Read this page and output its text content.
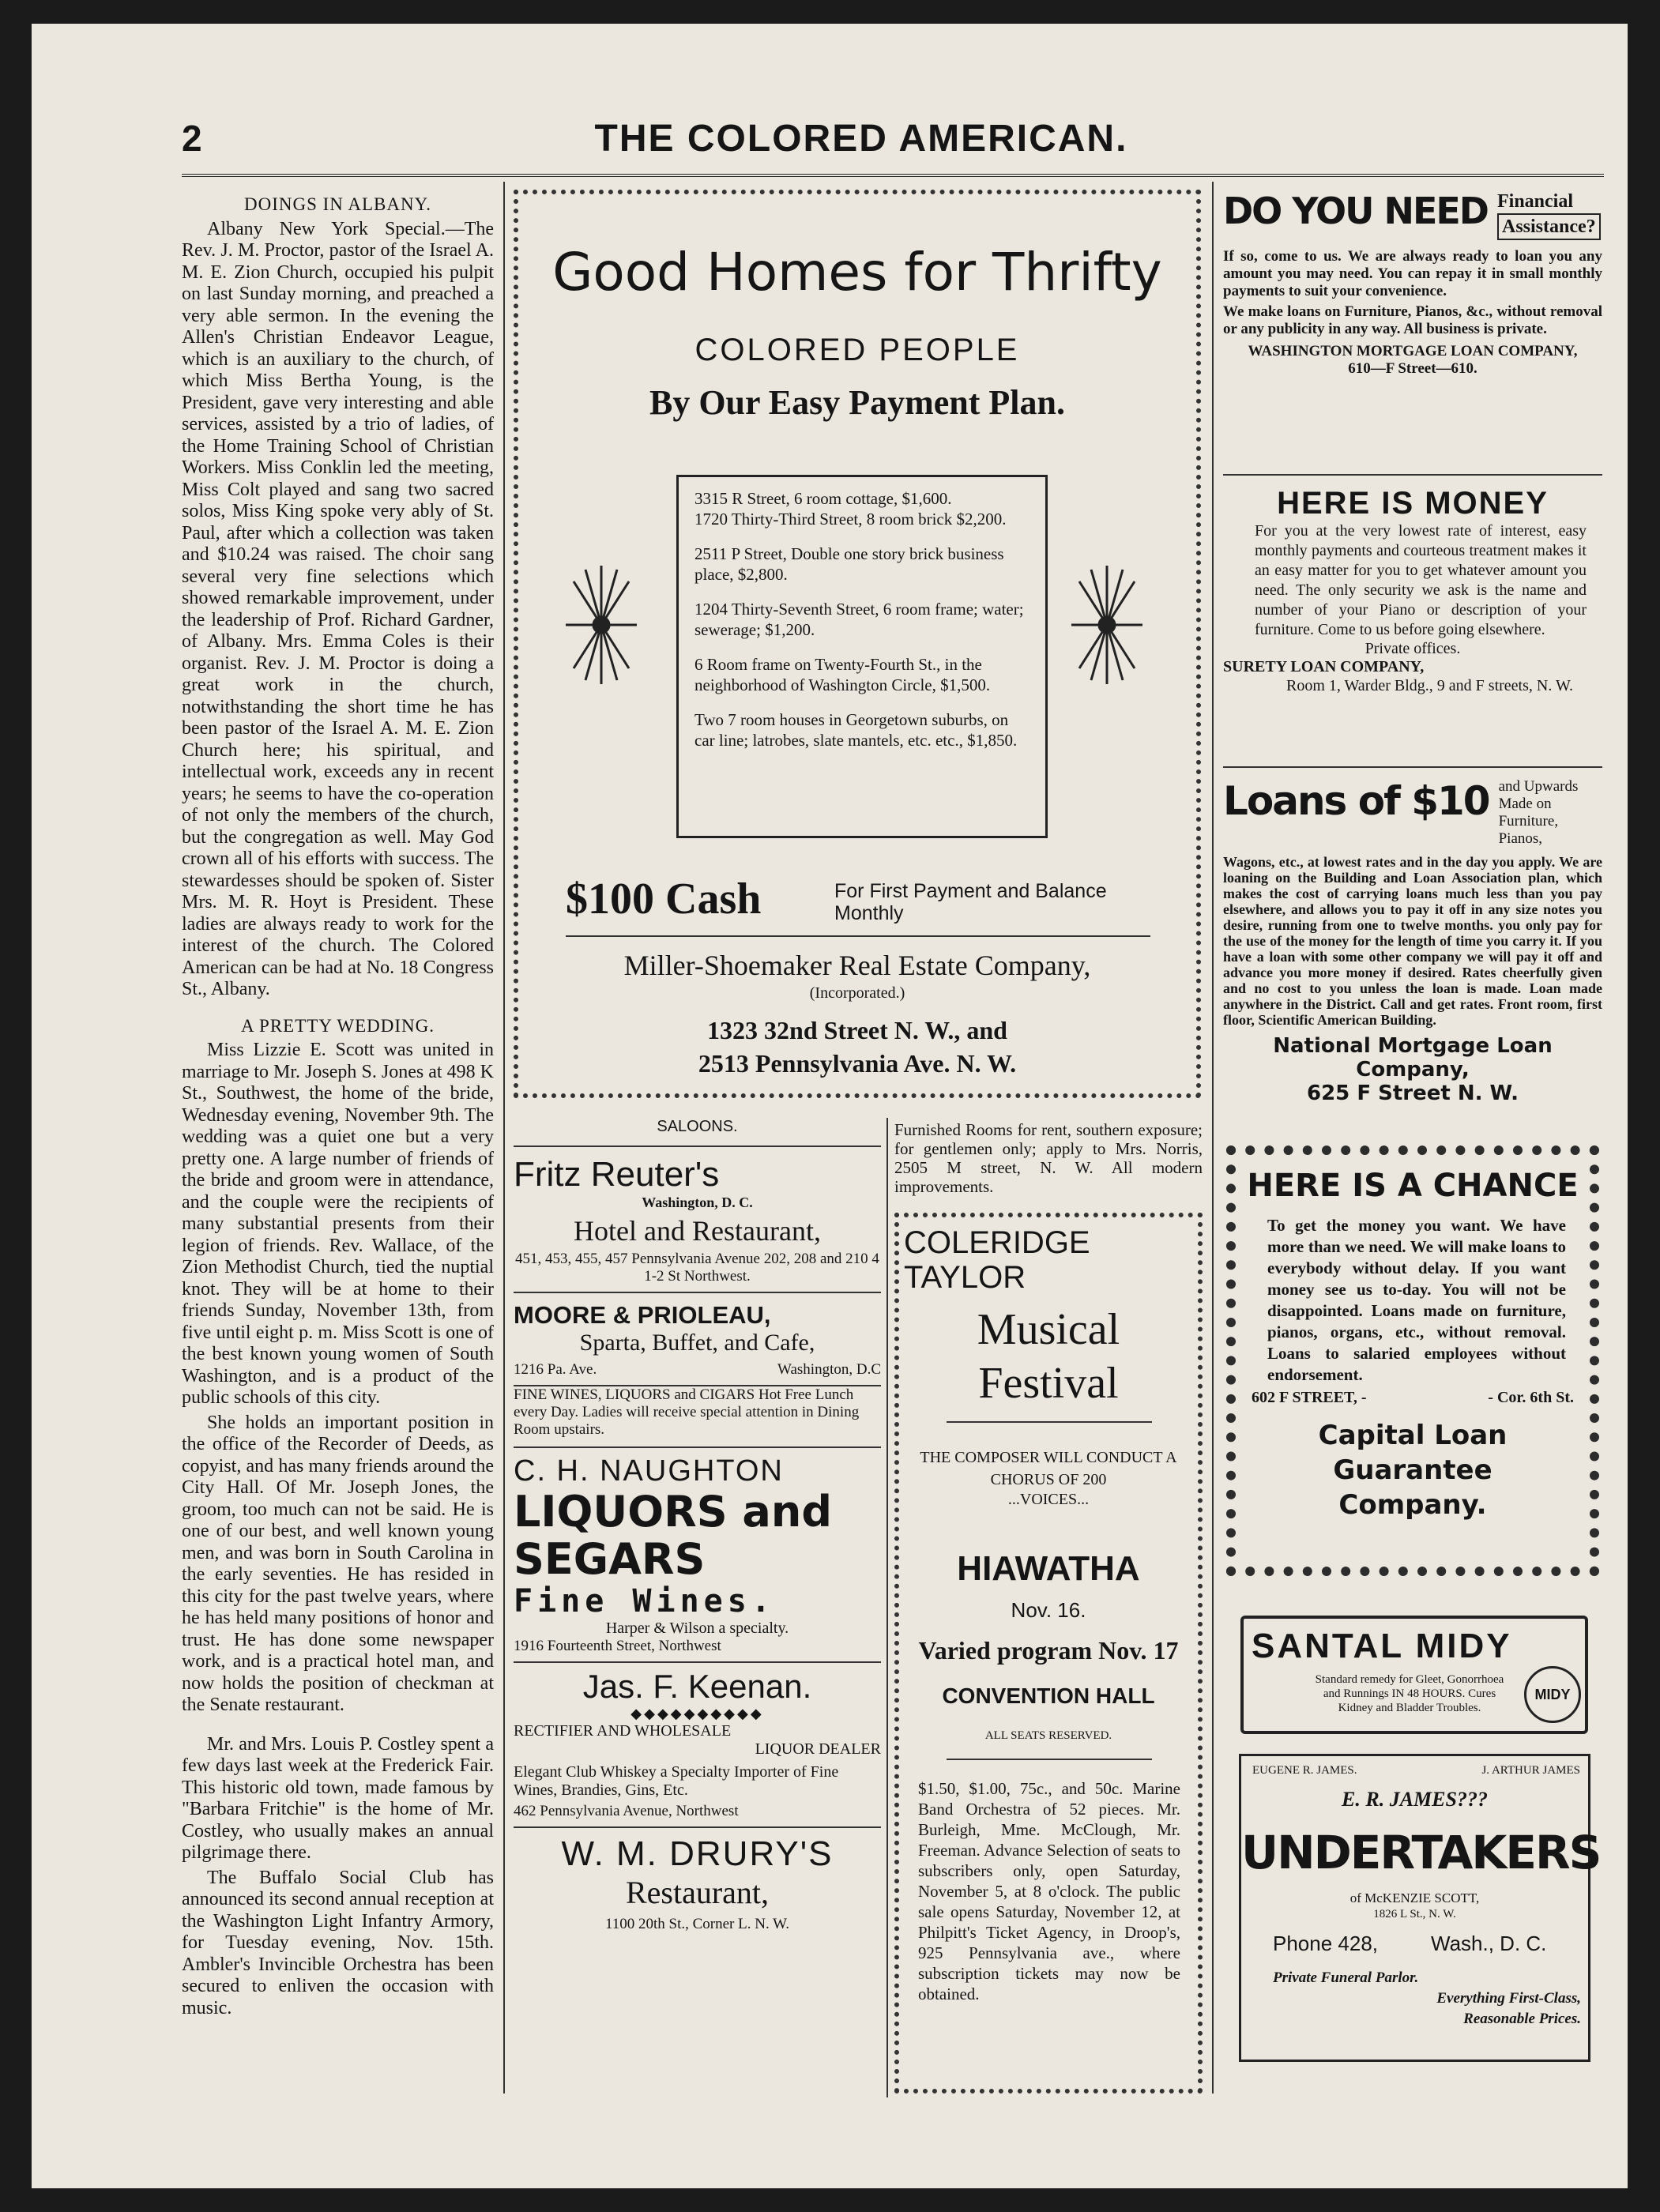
2	THE COLORED AMERICAN.

DOINGS IN ALBANY.

Albany New York Special.—The Rev. J. M. Proctor, pastor of the Israel A. M. E. Zion Church, occupied his pulpit on last Sunday morning, and preached a very able sermon. In the evening the Allen's Christian Endeavor League, which is an auxiliary to the church, of which Miss Bertha Young, is the President, gave very interesting and able services, assisted by a trio of ladies, of the Home Training School of Christian Workers. Miss Conklin led the meeting, Miss Colt played and sang two sacred solos, Miss King spoke very ably of St. Paul, after which a collection was taken and $10.24 was raised. The choir sang several very fine selections which showed remarkable improvement, under the leadership of Prof. Richard Gardner, of Albany. Mrs. Emma Coles is their organist. Rev. J. M. Proctor is doing a great work in the church, notwithstanding the short time he has been pastor of the Israel A. M. E. Zion Church here; his spiritual, and intellectual work, exceeds any in recent years; he seems to have the co-operation of not only the members of the church, but the congregation as well. May God crown all of his efforts with success. The stewardesses should be spoken of. Sister Mrs. M. R. Hoyt is President. These ladies are always ready to work for the interest of the church. The Colored American can be had at No. 18 Congress St., Albany.

A PRETTY WEDDING.

Miss Lizzie E. Scott was united in marriage to Mr. Joseph S. Jones at 498 K St., Southwest, the home of the bride, Wednesday evening, November 9th. The wedding was a quiet one but a very pretty one. A large number of friends of the bride and groom were in attendance, and the couple were the recipients of many substantial presents from their legion of friends. Rev. Wallace, of the Zion Methodist Church, tied the nuptial knot. They will be at home to their friends Sunday, November 13th, from five until eight p. m. Miss Scott is one of the best known young women of South Washington, and is a product of the public schools of this city.

She holds an important position in the office of the Recorder of Deeds, as copyist, and has many friends around the City Hall. Of Mr. Joseph Jones, the groom, too much can not be said. He is one of our best, and well known young men, and was born in South Carolina in the early seventies. He has resided in this city for the past twelve years, where he has held many positions of honor and trust. He has done some newspaper work, and is a practical hotel man, and now holds the position of checkman at the Senate restaurant.

Mr. and Mrs. Louis P. Costley spent a few days last week at the Frederick Fair. This historic old town, made famous by "Barbara Fritchie" is the home of Mr. Costley, who usually makes an annual pilgrimage there.

The Buffalo Social Club has announced its second annual reception at the Washington Light Infantry Armory, for Tuesday evening, Nov. 15th. Ambler's Invincible Orchestra has been secured to enliven the occasion with music.

Good Homes for Thrifty
COLORED PEOPLE
By Our Easy Payment Plan.
3315 R Street, 6 room cottage, $1,600.
1720 Thirty-Third Street, 8 room brick $2,200.
2511 P Street, Double one story brick business place, $2,800.
1204 Thirty-Seventh Street, 6 room frame; water; sewerage; $1,200.
6 Room frame on Twenty-Fourth St., in the neighborhood of Washington Circle, $1,500.
Two 7 room houses in Georgetown suburbs, on car line; latrobes, slate mantels, etc. etc., $1,850.
$100 Cash	For First Payment and Balance Monthly
Miller-Shoemaker Real Estate Company,
(Incorporated.)
1323 32nd Street N. W., and
2513 Pennsylvania Ave. N. W.
SALOONS.
Fritz Reuter's
Washington, D. C.
Hotel and Restaurant,
451, 453, 455, 457 Pennsylvania Avenue 202, 208 and 210 4 1-2 St Northwest.
MOORE & PRIOLEAU,
Sparta, Buffet, and Cafe,
1216 Pa. Ave.	Washington, D.C
FINE WINES, LIQUORS and CIGARS Hot Free Lunch every Day. Ladies will receive special attention in Dining Room upstairs.
C. H. NAUGHTON
LIQUORS and
SEGARS
Fine Wines.
Harper & Wilson a specialty.
1916 Fourteenth Street, Northwest
Jas. F. Keenan.
◆◆◆◆◆◆◆◆◆◆
RECTIFIER AND WHOLESALE
LIQUOR DEALER
Elegant Club Whiskey a Specialty Importer of Fine Wines, Brandies, Gins, Etc.
462 Pennsylvania Avenue, Northwest
W. M. DRURY'S
Restaurant,
1100 20th St., Corner L. N. W.
Furnished Rooms for rent, southern exposure; for gentlemen only; apply to Mrs. Norris, 2505 M street, N. W. All modern improvements.
COLERIDGE
TAYLOR
Musical
Festival
THE COMPOSER WILL CONDUCT A CHORUS OF 200
...VOICES...
HIAWATHA
Nov. 16.
Varied program Nov. 17
CONVENTION HALL
ALL SEATS RESERVED.
$1.50, $1.00, 75c., and 50c. Marine Band Orchestra of 52 pieces. Mr. Burleigh, Mme. McClough, Mr. Freeman. Advance Selection of seats to subscribers only, open Saturday, November 5, at 8 o'clock. The public sale opens Saturday, November 12, at Philpitt's Ticket Agency, in Droop's, 925 Pennsylvania ave., where subscription tickets may now be obtained.
DO YOU NEED Financial
Assistance?
If so, come to us. We are always ready to loan you any amount you may need. You can repay it in small monthly payments to suit your convenience.
We make loans on Furniture, Pianos, &c., without removal or any publicity in any way. All business is private.
WASHINGTON MORTGAGE LOAN COMPANY,
610—F Street—610.
HERE IS MONEY
For you at the very lowest rate of interest, easy monthly payments and courteous treatment makes it an easy matter for you to get whatever amount you need. The only security we ask is the name and number of your Piano or description of your furniture. Come to us before going elsewhere.
Private offices.
SURETY LOAN COMPANY,
Room 1, Warder Bldg., 9 and F streets, N. W.
Loans of $10 and Upwards Made on Furniture, Pianos,
Wagons, etc., at lowest rates and in the day you apply. We are loaning on the Building and Loan Association plan, which makes the cost of carrying loans much less than you pay elsewhere, and allows you to pay it off in any size notes you desire, running from one to twelve months. you only pay for the use of the money for the length of time you carry it. If you have a loan with some other company we will pay it off and advance you more money if desired. Rates cheerfully given and no cost to you unless the loan is made. Loan made anywhere in the District. Call and get rates. Front room, first floor, Scientific American Building.
National Mortgage Loan Company,
625 F Street N. W.
HERE IS A CHANCE
To get the money you want. We have more than we need. We will make loans to everybody without delay. If you want money see us to-day. You will not be disappointed. Loans made on furniture, pianos, organs, etc., without removal. Loans to salaried employees without endorsement.
602 F STREET, -	- Cor. 6th St.
Capital Loan Guarantee Company.
SANTAL MIDY
Standard remedy for Gleet, Gonorrhoea and Runnings IN 48 HOURS. Cures Kidney and Bladder Troubles.
MIDY
EUGENE R. JAMES.	J. ARTHUR JAMES
E. R. JAMES???
UNDERTAKERS
of McKENZIE SCOTT,
1826 L St., N. W.
Phone 428,	Wash., D. C.
Private Funeral Parlor.
Everything First-Class,
Reasonable Prices.
